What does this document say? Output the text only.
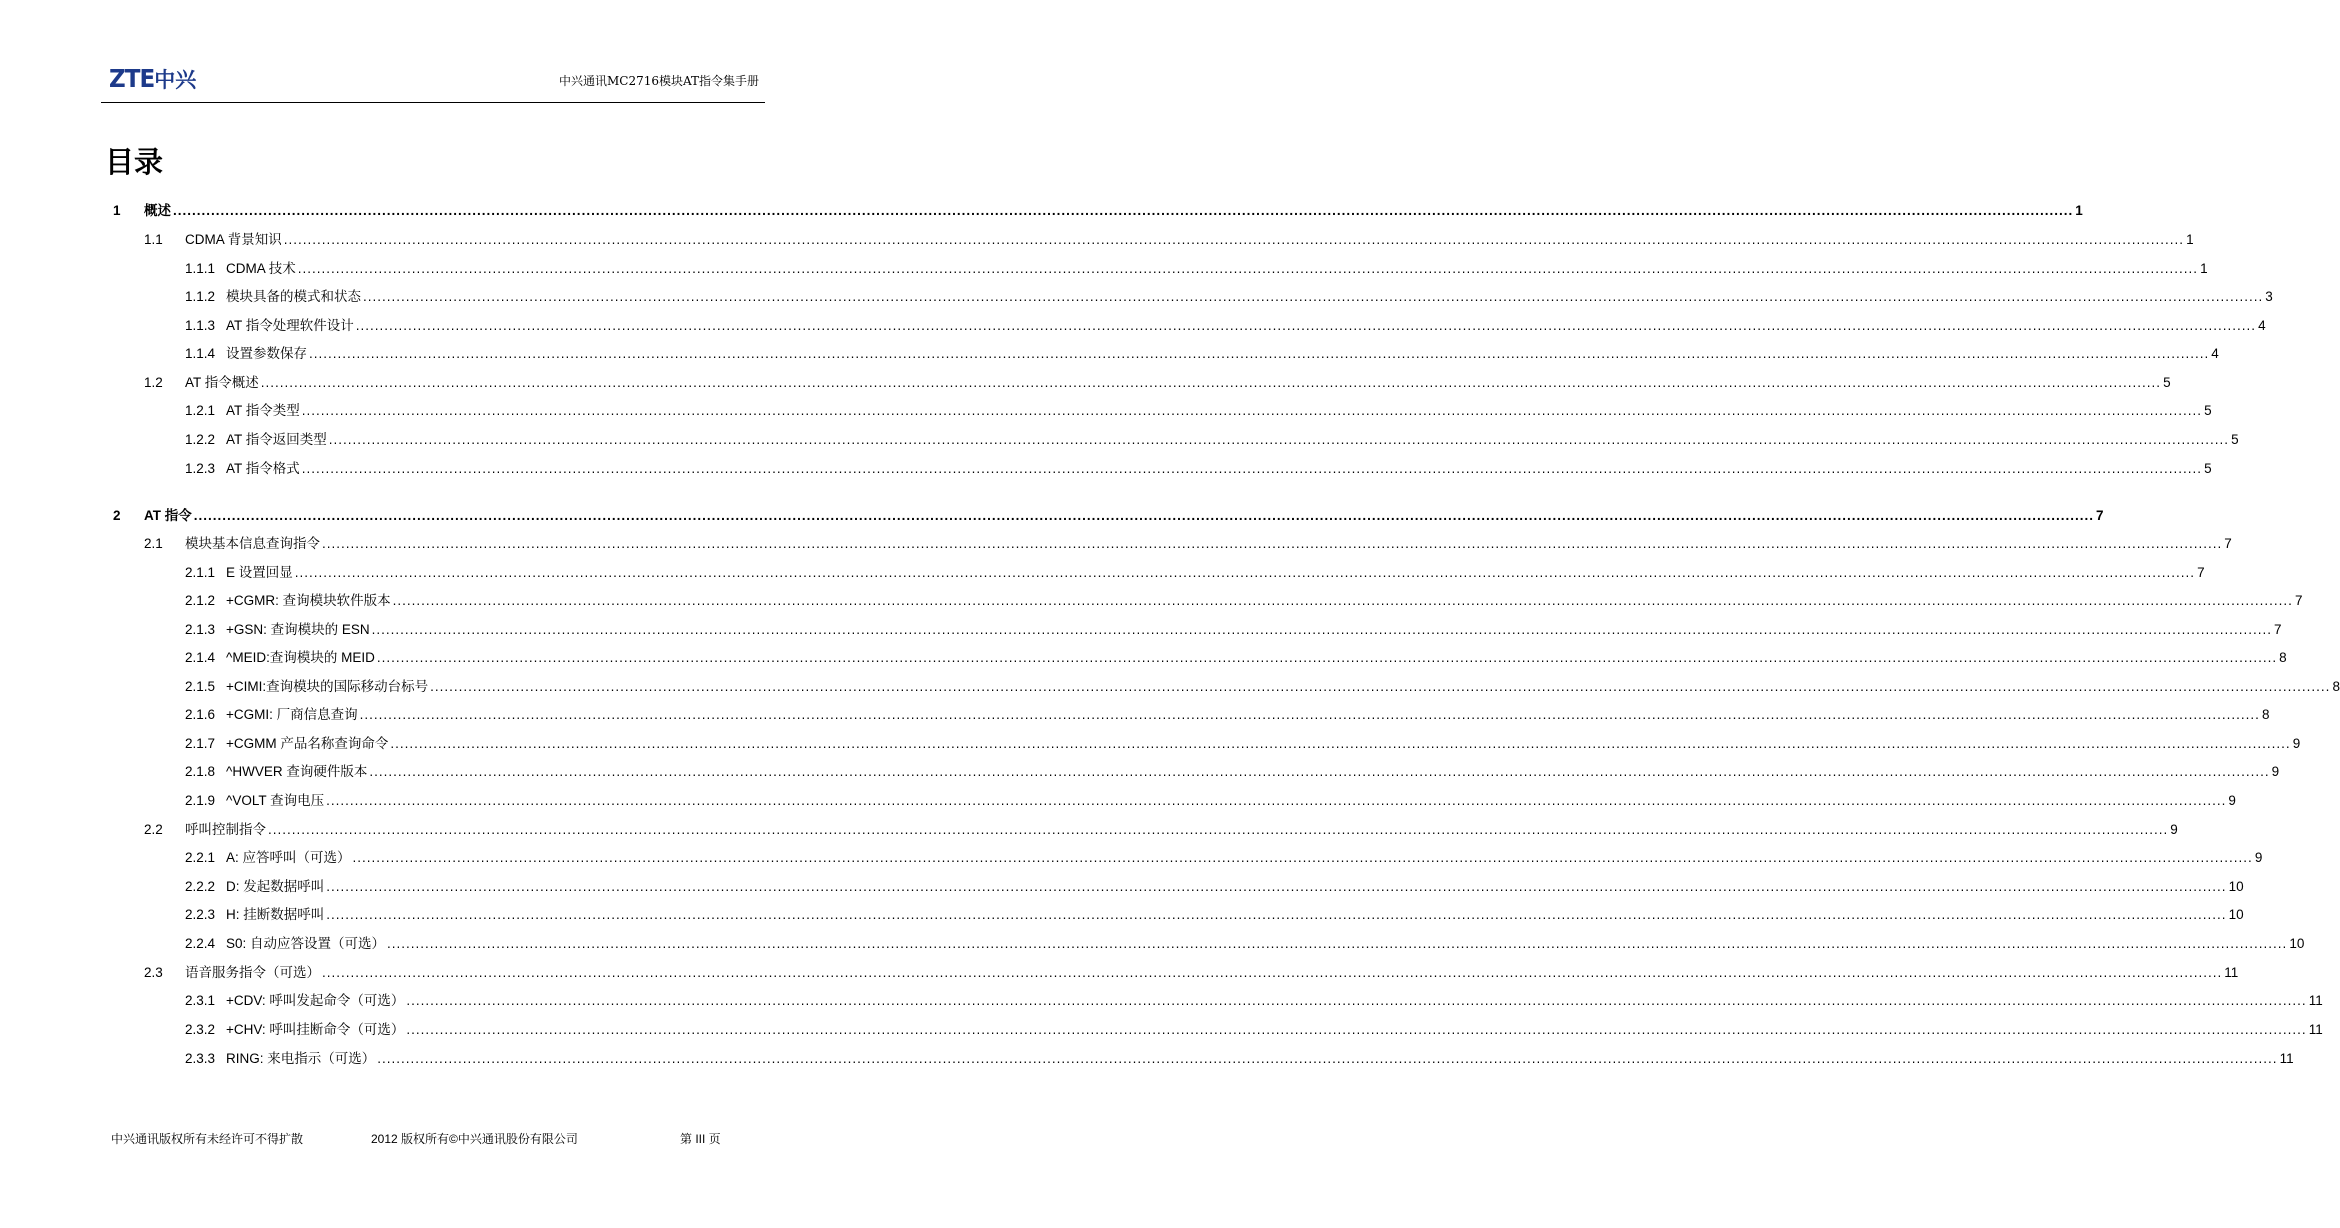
ZTE 中兴	中兴通讯MC2716模块AT指令集手册
目录
1	概述 ................................................................................................................................................................................................................................................................................................................................................................................................................ 1
1.1	CDMA 背景知识 ................................................................................................................................................................................................................................................................................................................................................................................................................ 1
1.1.1 CDMA 技术 ................................................................................................................................................................................................................................................................................................................................................................................................................ 1
1.1.2 模块具备的模式和状态 ................................................................................................................................................................................................................................................................................................................................................................................................................ 3
1.1.3 AT 指令处理软件设计 ................................................................................................................................................................................................................................................................................................................................................................................................................ 4
1.1.4 设置参数保存 ................................................................................................................................................................................................................................................................................................................................................................................................................ 4
1.2	AT 指令概述 ................................................................................................................................................................................................................................................................................................................................................................................................................ 5
1.2.1 AT 指令类型 ................................................................................................................................................................................................................................................................................................................................................................................................................ 5
1.2.2 AT 指令返回类型 ................................................................................................................................................................................................................................................................................................................................................................................................................ 5
1.2.3 AT 指令格式 ................................................................................................................................................................................................................................................................................................................................................................................................................ 5
2	AT 指令 ................................................................................................................................................................................................................................................................................................................................................................................................................ 7
2.1	模块基本信息查询指令 ................................................................................................................................................................................................................................................................................................................................................................................................................ 7
2.1.1 E 设置回显 ................................................................................................................................................................................................................................................................................................................................................................................................................ 7
2.1.2 +CGMR: 查询模块软件版本 ................................................................................................................................................................................................................................................................................................................................................................................................................ 7
2.1.3 +GSN: 查询模块的 ESN ................................................................................................................................................................................................................................................................................................................................................................................................................ 7
2.1.4 ^MEID:查询模块的 MEID ................................................................................................................................................................................................................................................................................................................................................................................................................ 8
2.1.5 +CIMI:查询模块的国际移动台标号 ................................................................................................................................................................................................................................................................................................................................................................................................................ 8
2.1.6 +CGMI: 厂商信息查询 ................................................................................................................................................................................................................................................................................................................................................................................................................ 8
2.1.7 +CGMM 产品名称查询命令 ................................................................................................................................................................................................................................................................................................................................................................................................................ 9
2.1.8 ^HWVER 查询硬件版本 ................................................................................................................................................................................................................................................................................................................................................................................................................ 9
2.1.9 ^VOLT 查询电压 ................................................................................................................................................................................................................................................................................................................................................................................................................ 9
2.2	呼叫控制指令 ................................................................................................................................................................................................................................................................................................................................................................................................................ 9
2.2.1 A: 应答呼叫（可选） ................................................................................................................................................................................................................................................................................................................................................................................................................ 9
2.2.2 D: 发起数据呼叫 ................................................................................................................................................................................................................................................................................................................................................................................................................ 10
2.2.3 H: 挂断数据呼叫 ................................................................................................................................................................................................................................................................................................................................................................................................................ 10
2.2.4 S0: 自动应答设置（可选） ................................................................................................................................................................................................................................................................................................................................................................................................................ 10
2.3	语音服务指令（可选） ................................................................................................................................................................................................................................................................................................................................................................................................................ 11
2.3.1 +CDV: 呼叫发起命令（可选） ................................................................................................................................................................................................................................................................................................................................................................................................................ 11
2.3.2 +CHV: 呼叫挂断命令（可选） ................................................................................................................................................................................................................................................................................................................................................................................................................ 11
2.3.3 RING: 来电指示（可选） ................................................................................................................................................................................................................................................................................................................................................................................................................ 11
中兴通讯版权所有未经许可不得扩散	2012 版权所有©中兴通讯股份有限公司	第 III 页
